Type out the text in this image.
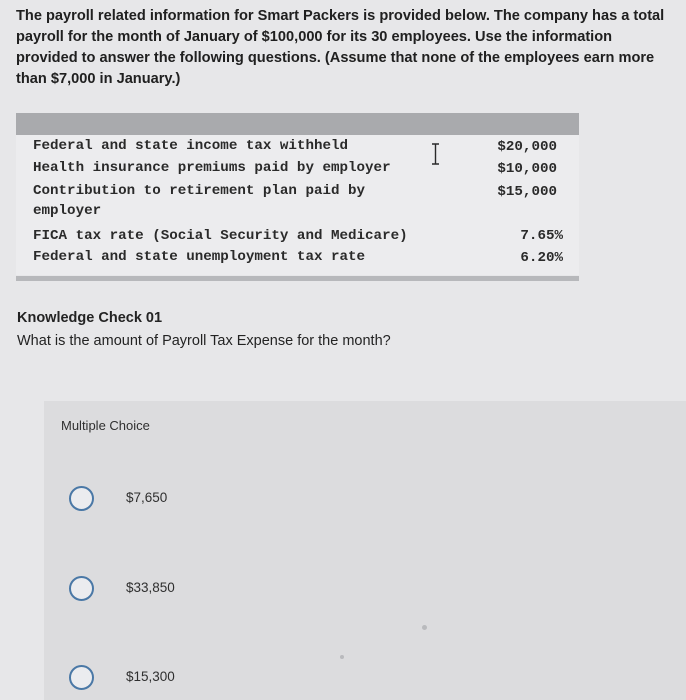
The payroll related information for Smart Packers is provided below. The company has a total
payroll for the month of January of $100,000 for its 30 employees. Use the information
provided to answer the following questions. (Assume that none of the employees earn more
than $7,000 in January.)
Federal and state income tax withheld
Health insurance premiums paid by employer
Contribution to retirement plan paid by
employer
FICA tax rate (Social Security and Medicare)
Federal and state unemployment tax rate
$20,000
$10,000
$15,000
7.65%
6.20%
Knowledge Check 01
What is the amount of Payroll Tax Expense for the month?
Multiple Choice
$7,650
$33,850
$15,300
